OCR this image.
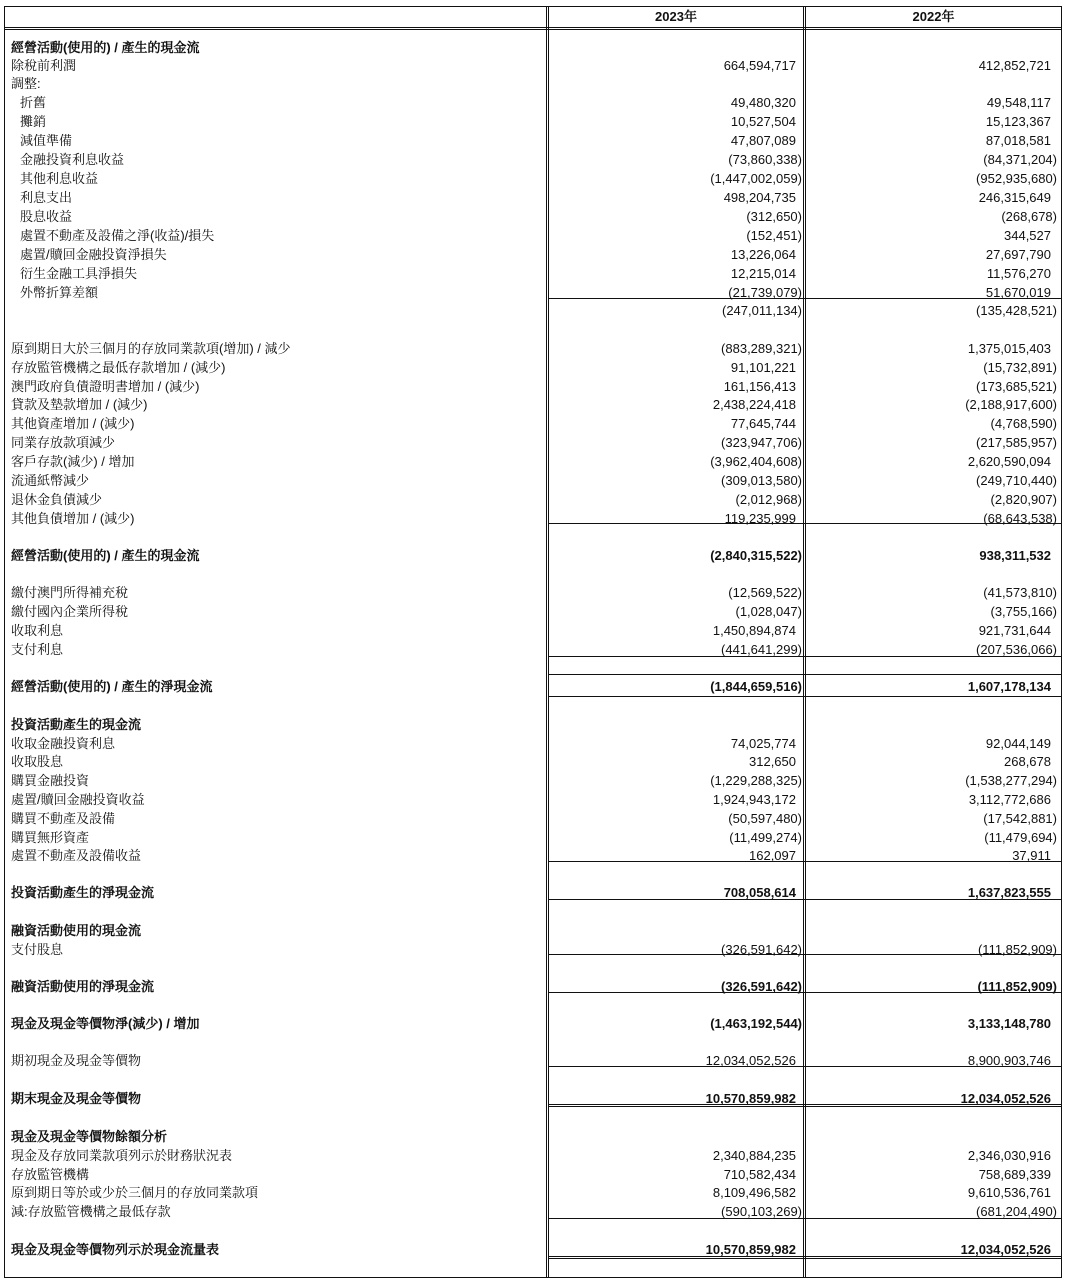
2023年	2022年
經營活動(使用的) / 產生的現金流
除稅前利潤	664,594,717	412,852,721
調整:
折舊	49,480,320	49,548,117
攤銷	10,527,504	15,123,367
減值準備	47,807,089	87,018,581
金融投資利息收益	(73,860,338)	(84,371,204)
其他利息收益	(1,447,002,059)	(952,935,680)
利息支出	498,204,735	246,315,649
股息收益	(312,650)	(268,678)
處置不動產及設備之淨(收益)/損失	(152,451)	344,527
處置/贖回金融投資淨損失	13,226,064	27,697,790
衍生金融工具淨損失	12,215,014	11,576,270
外幣折算差額	(21,739,079)	51,670,019
(247,011,134)	(135,428,521)
原到期日大於三個月的存放同業款項(增加) / 減少	(883,289,321)	1,375,015,403
存放監管機構之最低存款增加 / (減少)	91,101,221	(15,732,891)
澳門政府負債證明書增加 / (減少)	161,156,413	(173,685,521)
貸款及墊款增加 / (減少)	2,438,224,418	(2,188,917,600)
其他資產增加 / (減少)	77,645,744	(4,768,590)
同業存放款項減少	(323,947,706)	(217,585,957)
客戶存款(減少) / 增加	(3,962,404,608)	2,620,590,094
流通紙幣減少	(309,013,580)	(249,710,440)
退休金負債減少	(2,012,968)	(2,820,907)
其他負債增加 / (減少)	119,235,999	(68,643,538)
經營活動(使用的) / 產生的現金流	(2,840,315,522)	938,311,532
繳付澳門所得補充稅	(12,569,522)	(41,573,810)
繳付國內企業所得稅	(1,028,047)	(3,755,166)
收取利息	1,450,894,874	921,731,644
支付利息	(441,641,299)	(207,536,066)
經營活動(使用的) / 產生的淨現金流	(1,844,659,516)	1,607,178,134
投資活動產生的現金流
收取金融投資利息	74,025,774	92,044,149
收取股息	312,650	268,678
購買金融投資	(1,229,288,325)	(1,538,277,294)
處置/贖回金融投資收益	1,924,943,172	3,112,772,686
購買不動產及設備	(50,597,480)	(17,542,881)
購買無形資產	(11,499,274)	(11,479,694)
處置不動產及設備收益	162,097	37,911
投資活動產生的淨現金流	708,058,614	1,637,823,555
融資活動使用的現金流
支付股息	(326,591,642)	(111,852,909)
融資活動使用的淨現金流	(326,591,642)	(111,852,909)
現金及現金等價物淨(減少) / 增加	(1,463,192,544)	3,133,148,780
期初現金及現金等價物	12,034,052,526	8,900,903,746
期末現金及現金等價物	10,570,859,982	12,034,052,526
現金及現金等價物餘額分析
現金及存放同業款項列示於財務狀況表	2,340,884,235	2,346,030,916
存放監管機構	710,582,434	758,689,339
原到期日等於或少於三個月的存放同業款項	8,109,496,582	9,610,536,761
減:存放監管機構之最低存款	(590,103,269)	(681,204,490)
現金及現金等價物列示於現金流量表	10,570,859,982	12,034,052,526
